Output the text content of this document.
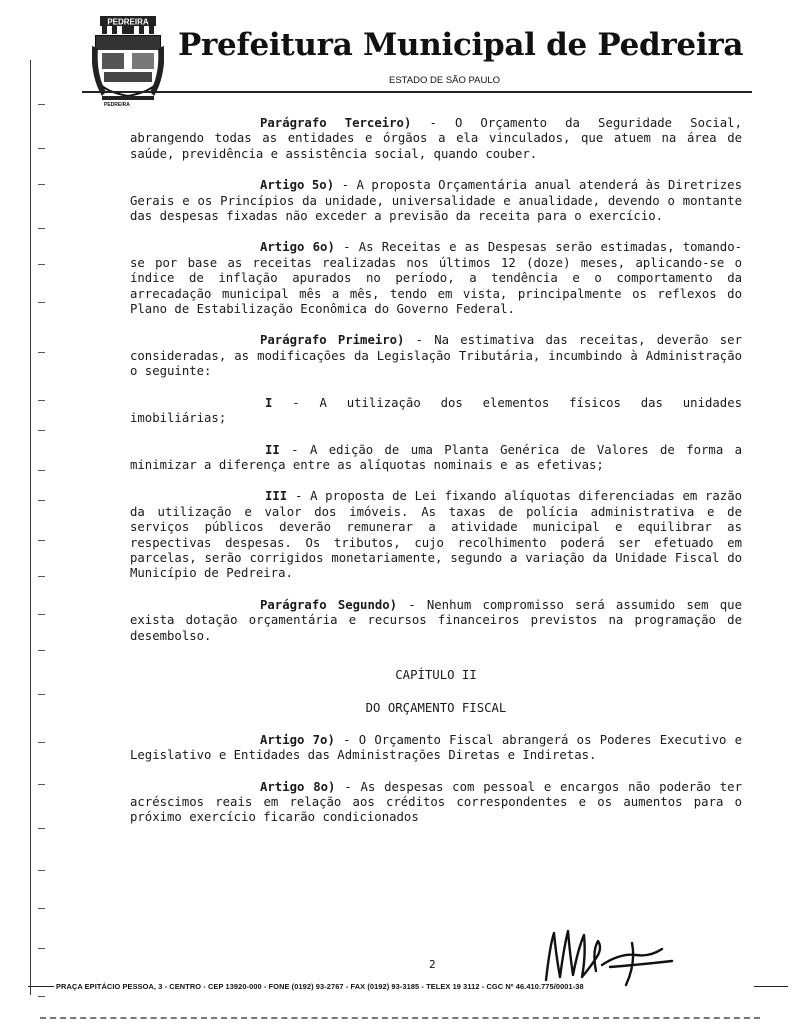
PEDREIRA
PEDREIRA
Prefeitura Municipal de Pedreira
ESTADO DE SÃO PAULO

Parágrafo Terceiro) - O Orçamento da Seguridade Social, abrangendo todas as entidades e órgãos a ela vinculados, que atuem na área de saúde, previdência e assistência social, quando couber.

Artigo 5o) - A proposta Orçamentária anual atenderá às Diretrizes Gerais e os Princípios da unidade, universalidade e anualidade, devendo o montante das despesas fixadas não exceder a previsão da receita para o exercício.

Artigo 6o) - As Receitas e as Despesas serão estimadas, tomando-se por base as receitas realizadas nos últimos 12 (doze) meses, aplicando-se o índice de inflação apurados no período, a tendência e o comportamento da arrecadação municipal mês a mês, tendo em vista, principalmente os reflexos do Plano de Estabilização Econômica do Governo Federal.

Parágrafo Primeiro) - Na estimativa das receitas, deverão ser consideradas, as modificações da Legislação Tributária, incumbindo à Administração o seguinte:

I - A utilização dos elementos físicos das unidades imobiliárias;

II - A edição de uma Planta Genérica de Valores de forma a minimizar a diferença entre as alíquotas nominais e as efetivas;

III - A proposta de Lei fixando alíquotas diferenciadas em razão da utilização e valor dos imóveis. As taxas de polícia administrativa e de serviços públicos deverão remunerar a atividade municipal e equilibrar as respectivas despesas. Os tributos, cujo recolhimento poderá ser efetuado em parcelas, serão corrigidos monetariamente, segundo a variação da Unidade Fiscal do Município de Pedreira.

Parágrafo Segundo) - Nenhum compromisso será assumido sem que exista dotação orçamentária e recursos financeiros previstos na programação de desembolso.

CAPÍTULO II

DO ORÇAMENTO FISCAL

Artigo 7o) - O Orçamento Fiscal abrangerá os Poderes Executivo e Legislativo e Entidades das Administrações Diretas e Indiretas.

Artigo 8o) - As despesas com pessoal e encargos não poderão ter acréscimos reais em relação aos créditos correspondentes e os aumentos para o próximo exercício ficarão condicionados

2
PRAÇA EPITÁCIO PESSOA, 3 - CENTRO - CEP 13920-000 - FONE (0192) 93-2767 - FAX (0192) 93-3185 - TELEX 19 3112 - CGC Nº 46.410.775/0001-38
